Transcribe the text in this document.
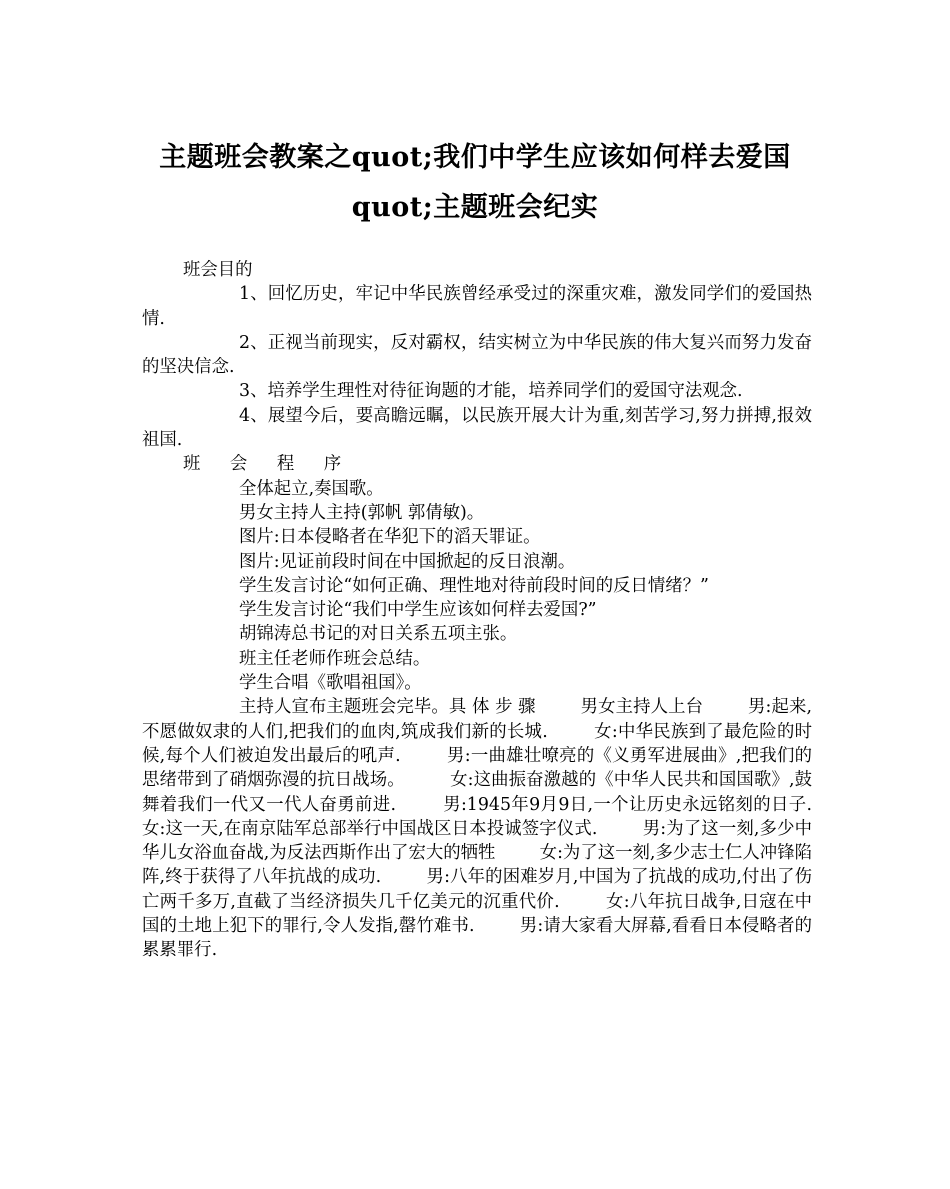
主题班会教案之quot;我们中学生应该如何样去爱国
quot;主题班会纪实

班会目的

1、回忆历史，牢记中华民族曾经承受过的深重灾难，激发同学们的爱国热情.

2、正视当前现实，反对霸权，结实树立为中华民族的伟大复兴而努力发奋的坚决信念.

3、培养学生理性对待征询题的才能，培养同学们的爱国守法观念.

4、展望今后，要高瞻远瞩，以民族开展大计为重,刻苦学习,努力拼搏,报效祖国.

班 会 程 序

全体起立,奏国歌。

男女主持人主持(郭帆 郭倩敏)。

图片:日本侵略者在华犯下的滔天罪证。

图片:见证前段时间在中国掀起的反日浪潮。

学生发言讨论“如何正确、理性地对待前段时间的反日情绪？”

学生发言讨论“我们中学生应该如何样去爱国?”

胡锦涛总书记的对日关系五项主张。

班主任老师作班会总结。

学生合唱《歌唱祖国》。

主持人宣布主题班会完毕。具 体 步 骤        男女主持人上台        男:起来,不愿做奴隶的人们,把我们的血肉,筑成我们新的长城.        女:中华民族到了最危险的时候,每个人们被迫发出最后的吼声.        男:一曲雄壮嘹亮的《义勇军进展曲》,把我们的思绪带到了硝烟弥漫的抗日战场。        女:这曲振奋激越的《中华人民共和国国歌》,鼓舞着我们一代又一代人奋勇前进.        男:1945年9月9日,一个让历史永远铭刻的日子.        女:这一天,在南京陆军总部举行中国战区日本投诚签字仪式.        男:为了这一刻,多少中华儿女浴血奋战,为反法西斯作出了宏大的牺牲        女:为了这一刻,多少志士仁人冲锋陷阵,终于获得了八年抗战的成功.        男:八年的困难岁月,中国为了抗战的成功,付出了伤亡两千多万,直截了当经济损失几千亿美元的沉重代价.        女:八年抗日战争,日寇在中国的土地上犯下的罪行,令人发指,罄竹难书.        男:请大家看大屏幕,看看日本侵略者的累累罪行.
